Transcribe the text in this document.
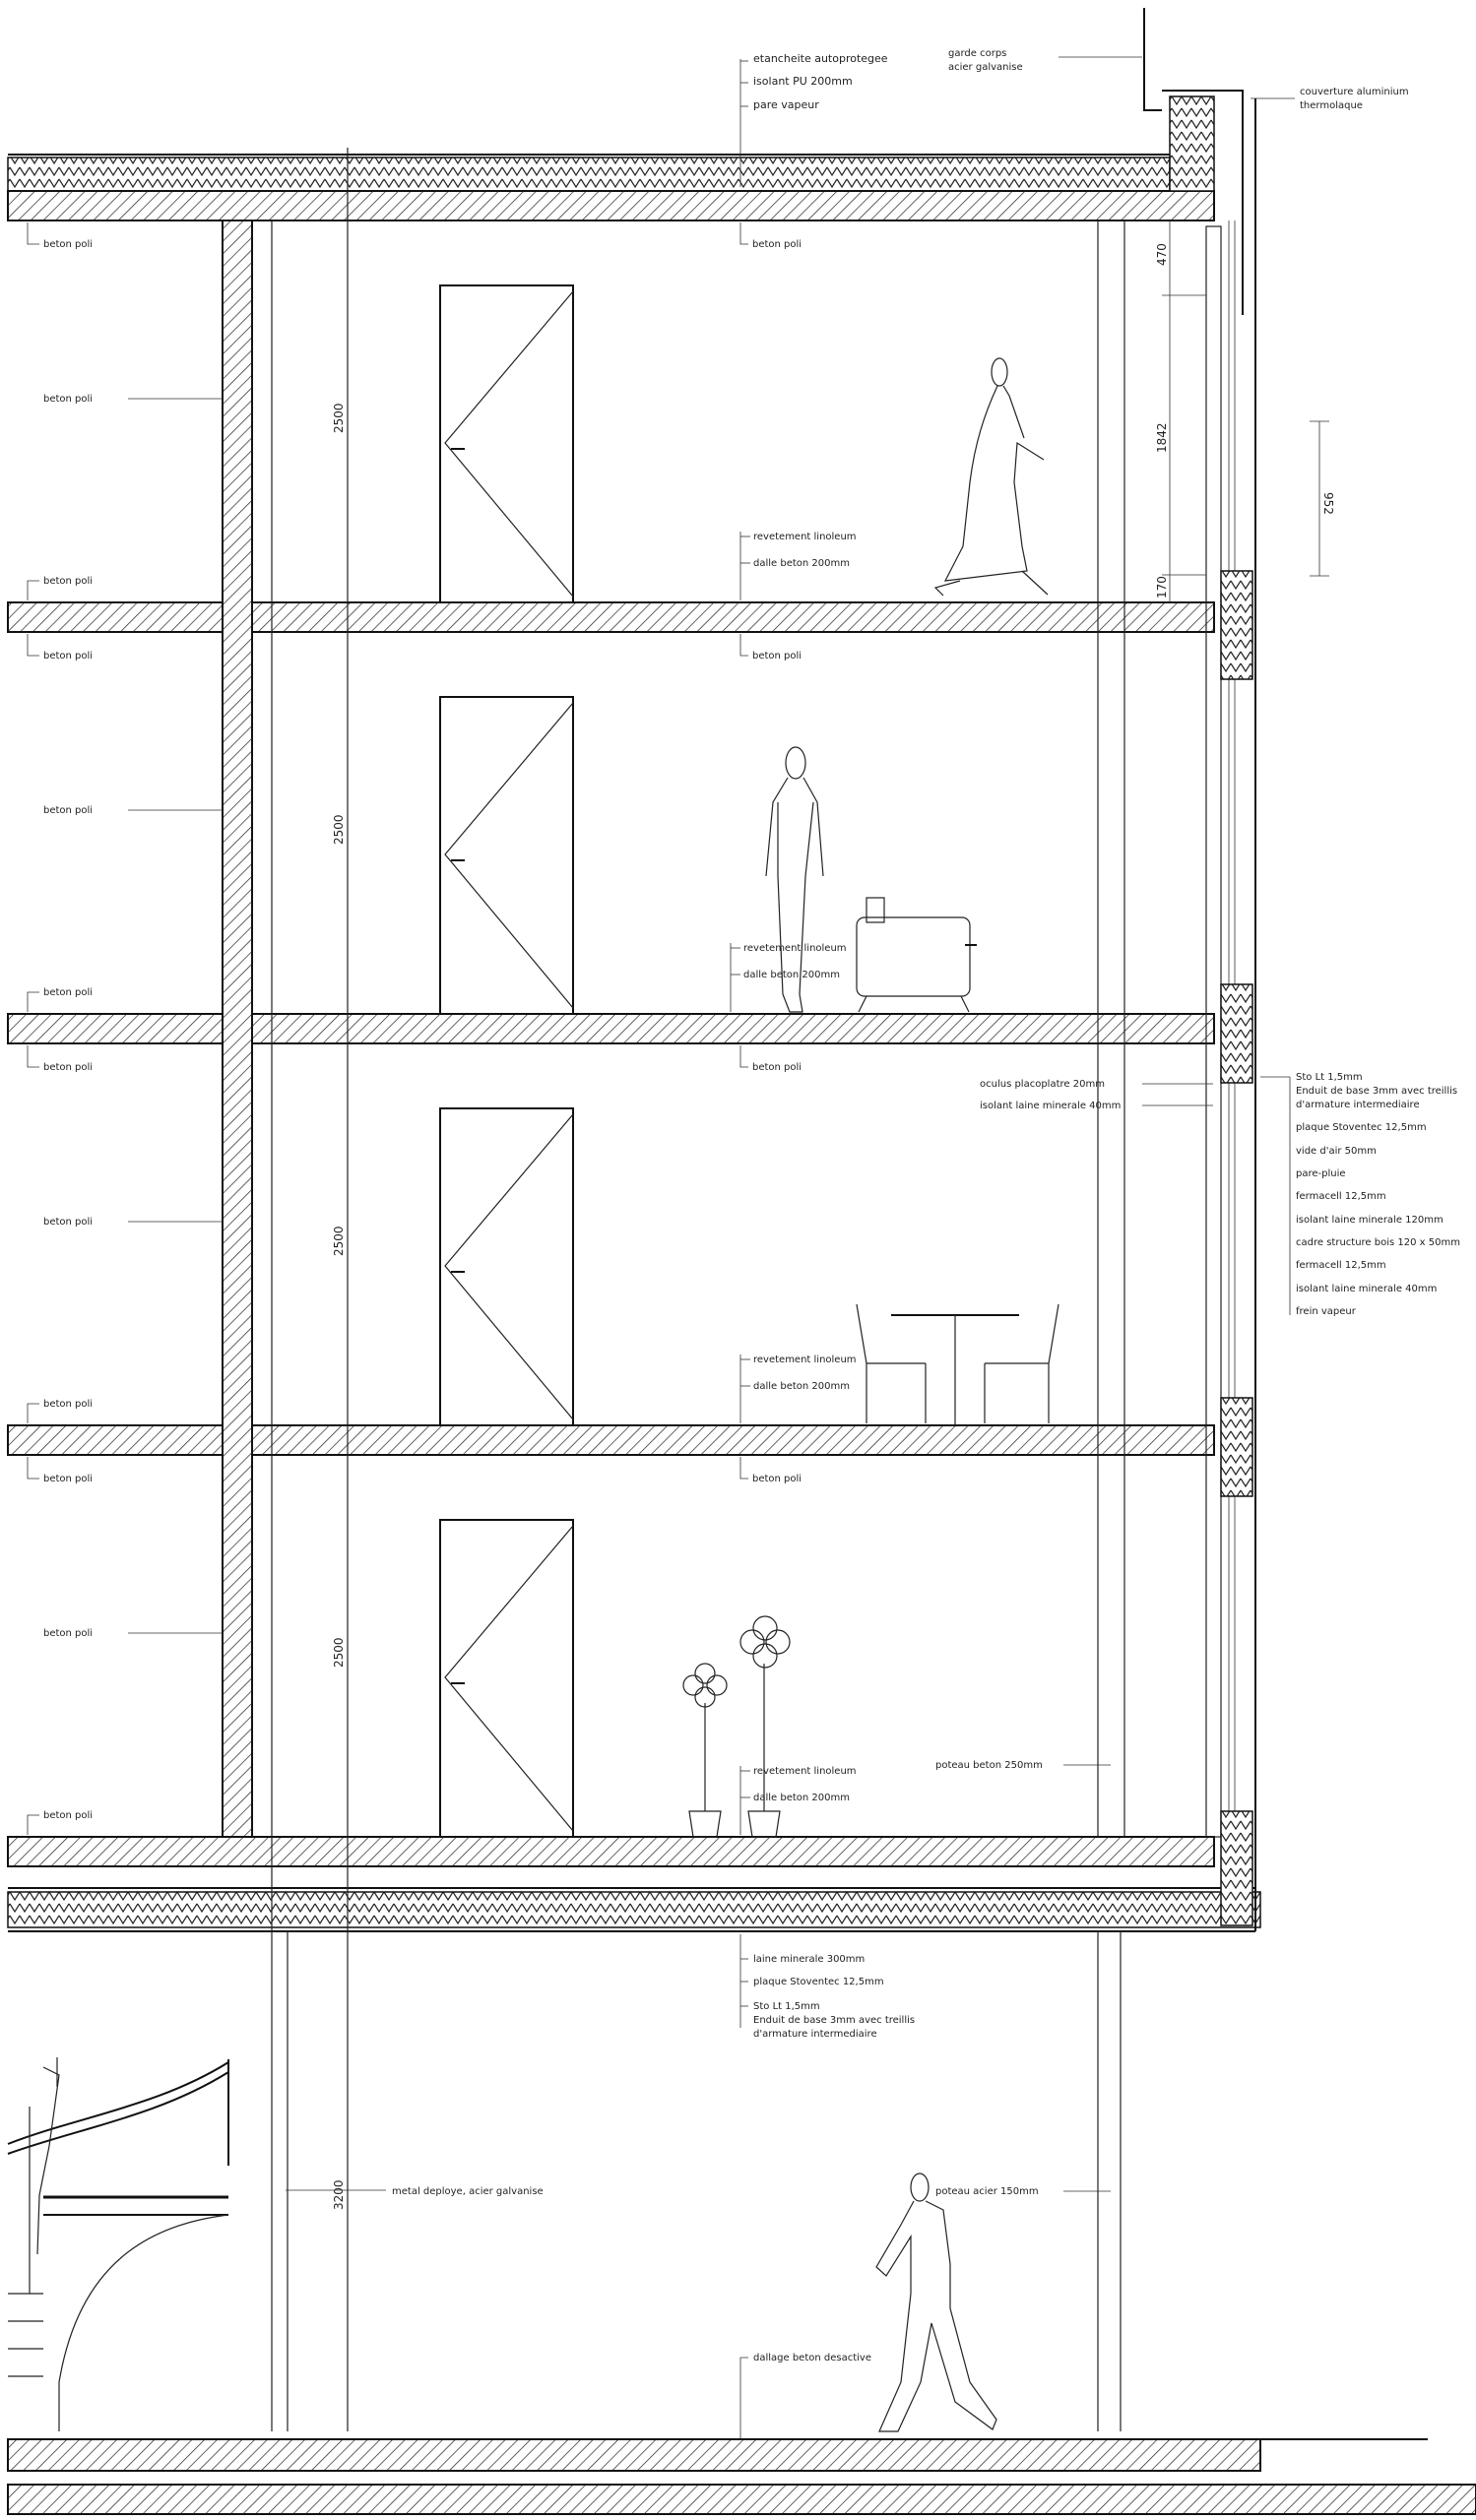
etancheite autoprotegee
isolant PU 200mm
pare vapeur
garde corps
acier galvanise
couverture aluminium
thermolaque
470
1842
170
952
2500
2500
2500
2500
3200
beton poli
beton poli
beton poli
beton poli
beton poli
beton poli
beton poli
beton poli
beton poli
beton poli
beton poli
beton poli
beton poli
beton poli
beton poli
beton poli
revetement linoleum
dalle beton 200mm
revetement linoleum
dalle beton 200mm
revetement linoleum
dalle beton 200mm
revetement linoleum
dalle beton 200mm
oculus placoplatre 20mm
isolant laine minerale 40mm
Sto Lt 1,5mm
Enduit de base 3mm avec treillis
d'armature intermediaire
plaque Stoventec 12,5mm
vide d'air 50mm
pare-pluie
fermacell 12,5mm
isolant laine minerale 120mm
cadre structure bois 120 x 50mm
fermacell 12,5mm
isolant laine minerale 40mm
frein vapeur
poteau beton 250mm
laine minerale 300mm
plaque Stoventec 12,5mm
Sto Lt 1,5mm
Enduit de base 3mm avec treillis
d'armature intermediaire
metal deploye, acier galvanise	poteau acier 150mm
dallage beton desactive
